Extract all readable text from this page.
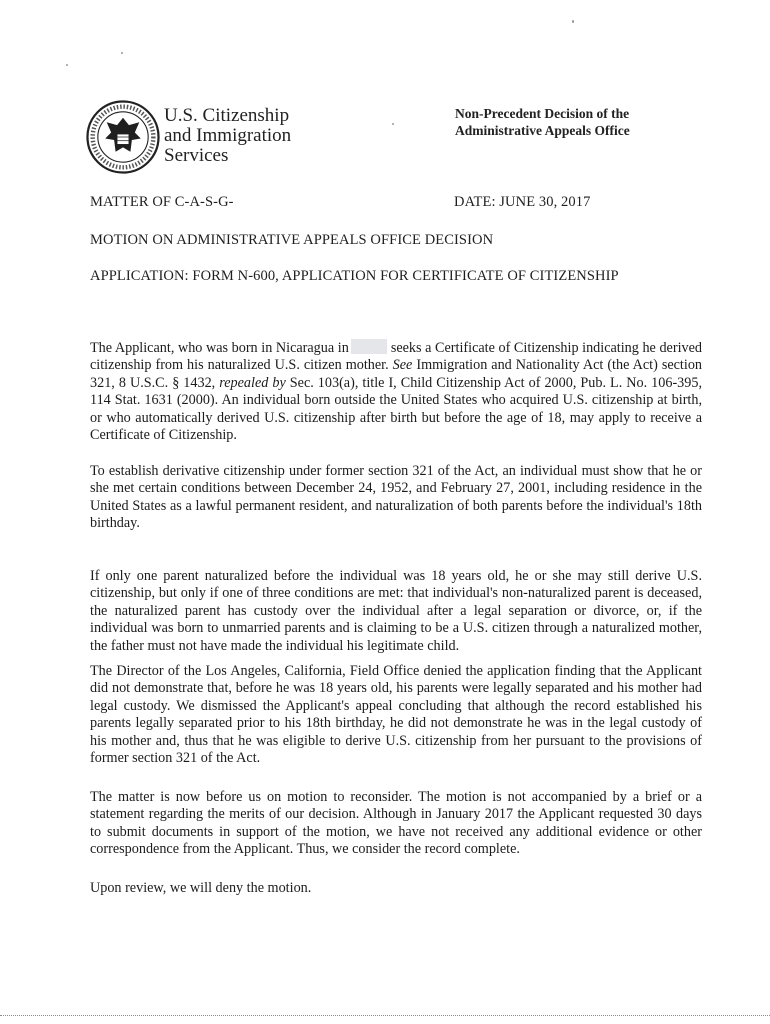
U.S. Citizenship
and Immigration
Services
Non-Precedent Decision of the
Administrative Appeals Office
MATTER OF C-A-S-G-	DATE: JUNE 30, 2017
MOTION ON ADMINISTRATIVE APPEALS OFFICE DECISION
APPLICATION: FORM N-600, APPLICATION FOR CERTIFICATE OF CITIZENSHIP
The Applicant, who was born in Nicaragua in	seeks a Certificate of Citizenship indicating he derived citizenship from his naturalized U.S. citizen mother. See Immigration and Nationality Act (the Act) section 321, 8 U.S.C. § 1432, repealed by Sec. 103(a), title I, Child Citizenship Act of 2000, Pub. L. No. 106-395, 114 Stat. 1631 (2000). An individual born outside the United States who acquired U.S. citizenship at birth, or who automatically derived U.S. citizenship after birth but before the age of 18, may apply to receive a Certificate of Citizenship.
To establish derivative citizenship under former section 321 of the Act, an individual must show that he or she met certain conditions between December 24, 1952, and February 27, 2001, including residence in the United States as a lawful permanent resident, and naturalization of both parents before the individual's 18th birthday.
If only one parent naturalized before the individual was 18 years old, he or she may still derive U.S. citizenship, but only if one of three conditions are met: that individual's non-naturalized parent is deceased, the naturalized parent has custody over the individual after a legal separation or divorce, or, if the individual was born to unmarried parents and is claiming to be a U.S. citizen through a naturalized mother, the father must not have made the individual his legitimate child.
The Director of the Los Angeles, California, Field Office denied the application finding that the Applicant did not demonstrate that, before he was 18 years old, his parents were legally separated and his mother had legal custody. We dismissed the Applicant's appeal concluding that although the record established his parents legally separated prior to his 18th birthday, he did not demonstrate he was in the legal custody of his mother and, thus that he was eligible to derive U.S. citizenship from her pursuant to the provisions of former section 321 of the Act.
The matter is now before us on motion to reconsider. The motion is not accompanied by a brief or a statement regarding the merits of our decision. Although in January 2017 the Applicant requested 30 days to submit documents in support of the motion, we have not received any additional evidence or other correspondence from the Applicant. Thus, we consider the record complete.
Upon review, we will deny the motion.
